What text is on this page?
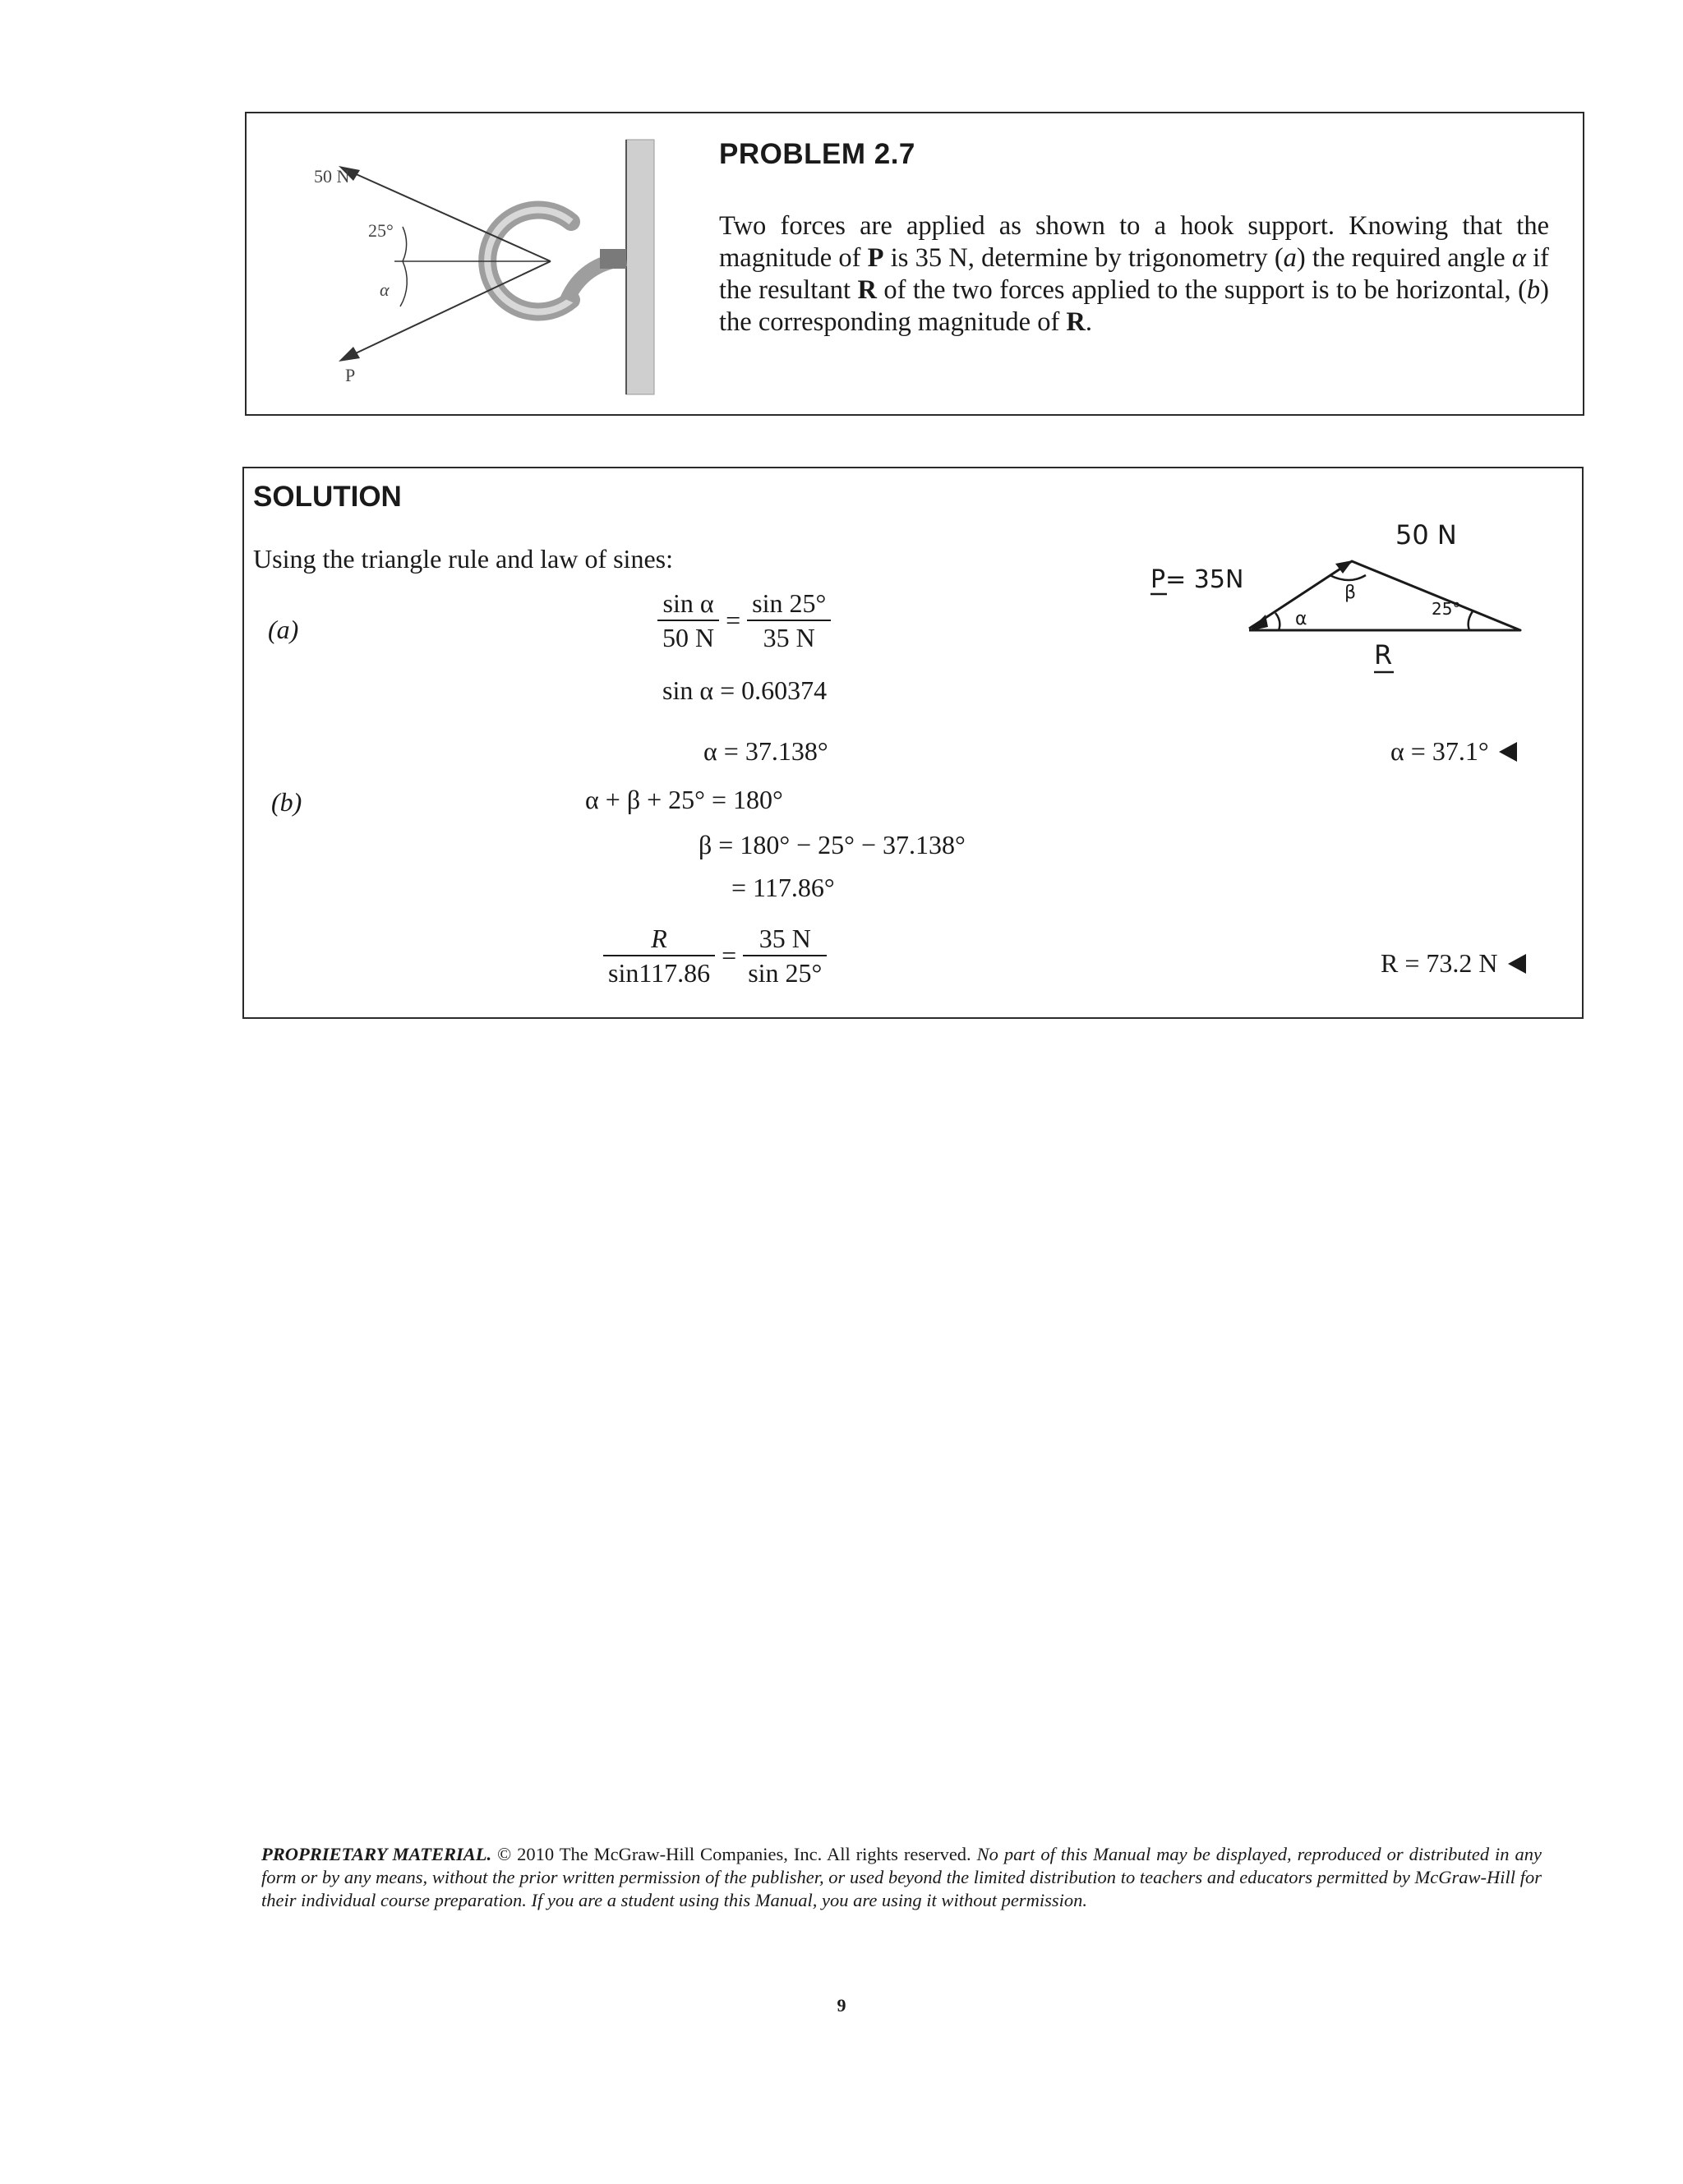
50 N
25°
α
P
PROBLEM 2.7
Two forces are applied as shown to a hook support. Knowing that the magnitude of P is 35 N, determine by trigonometry (a) the required angle α if the resultant R of the two forces applied to the support is to be horizontal, (b) the corresponding magnitude of R.
SOLUTION
Using the triangle rule and law of sines:
P= 35N
50 N
β
α	25°
R
(a)	$\frac{\text{sin α}}{50 N} = \frac{\sin 25^\circ}{35 N}$
sin α = 0.60374
α = 37.138°	α = 37.1°
(b)	α + β + 25° = 180°
β = 180° − 25° − 37.138°
= 117.86°
$\frac{R}{\sin 117.86} = \frac{35 N}{\sin 25^\circ}$	R = 73.2 N
PROPRIETARY MATERIAL. © 2010 The McGraw-Hill Companies, Inc. All rights reserved. No part of this Manual may be displayed, reproduced or distributed in any form or by any means, without the prior written permission of the publisher, or used beyond the limited distribution to teachers and educators permitted by McGraw-Hill for their individual course preparation. If you are a student using this Manual, you are using it without permission.
9
